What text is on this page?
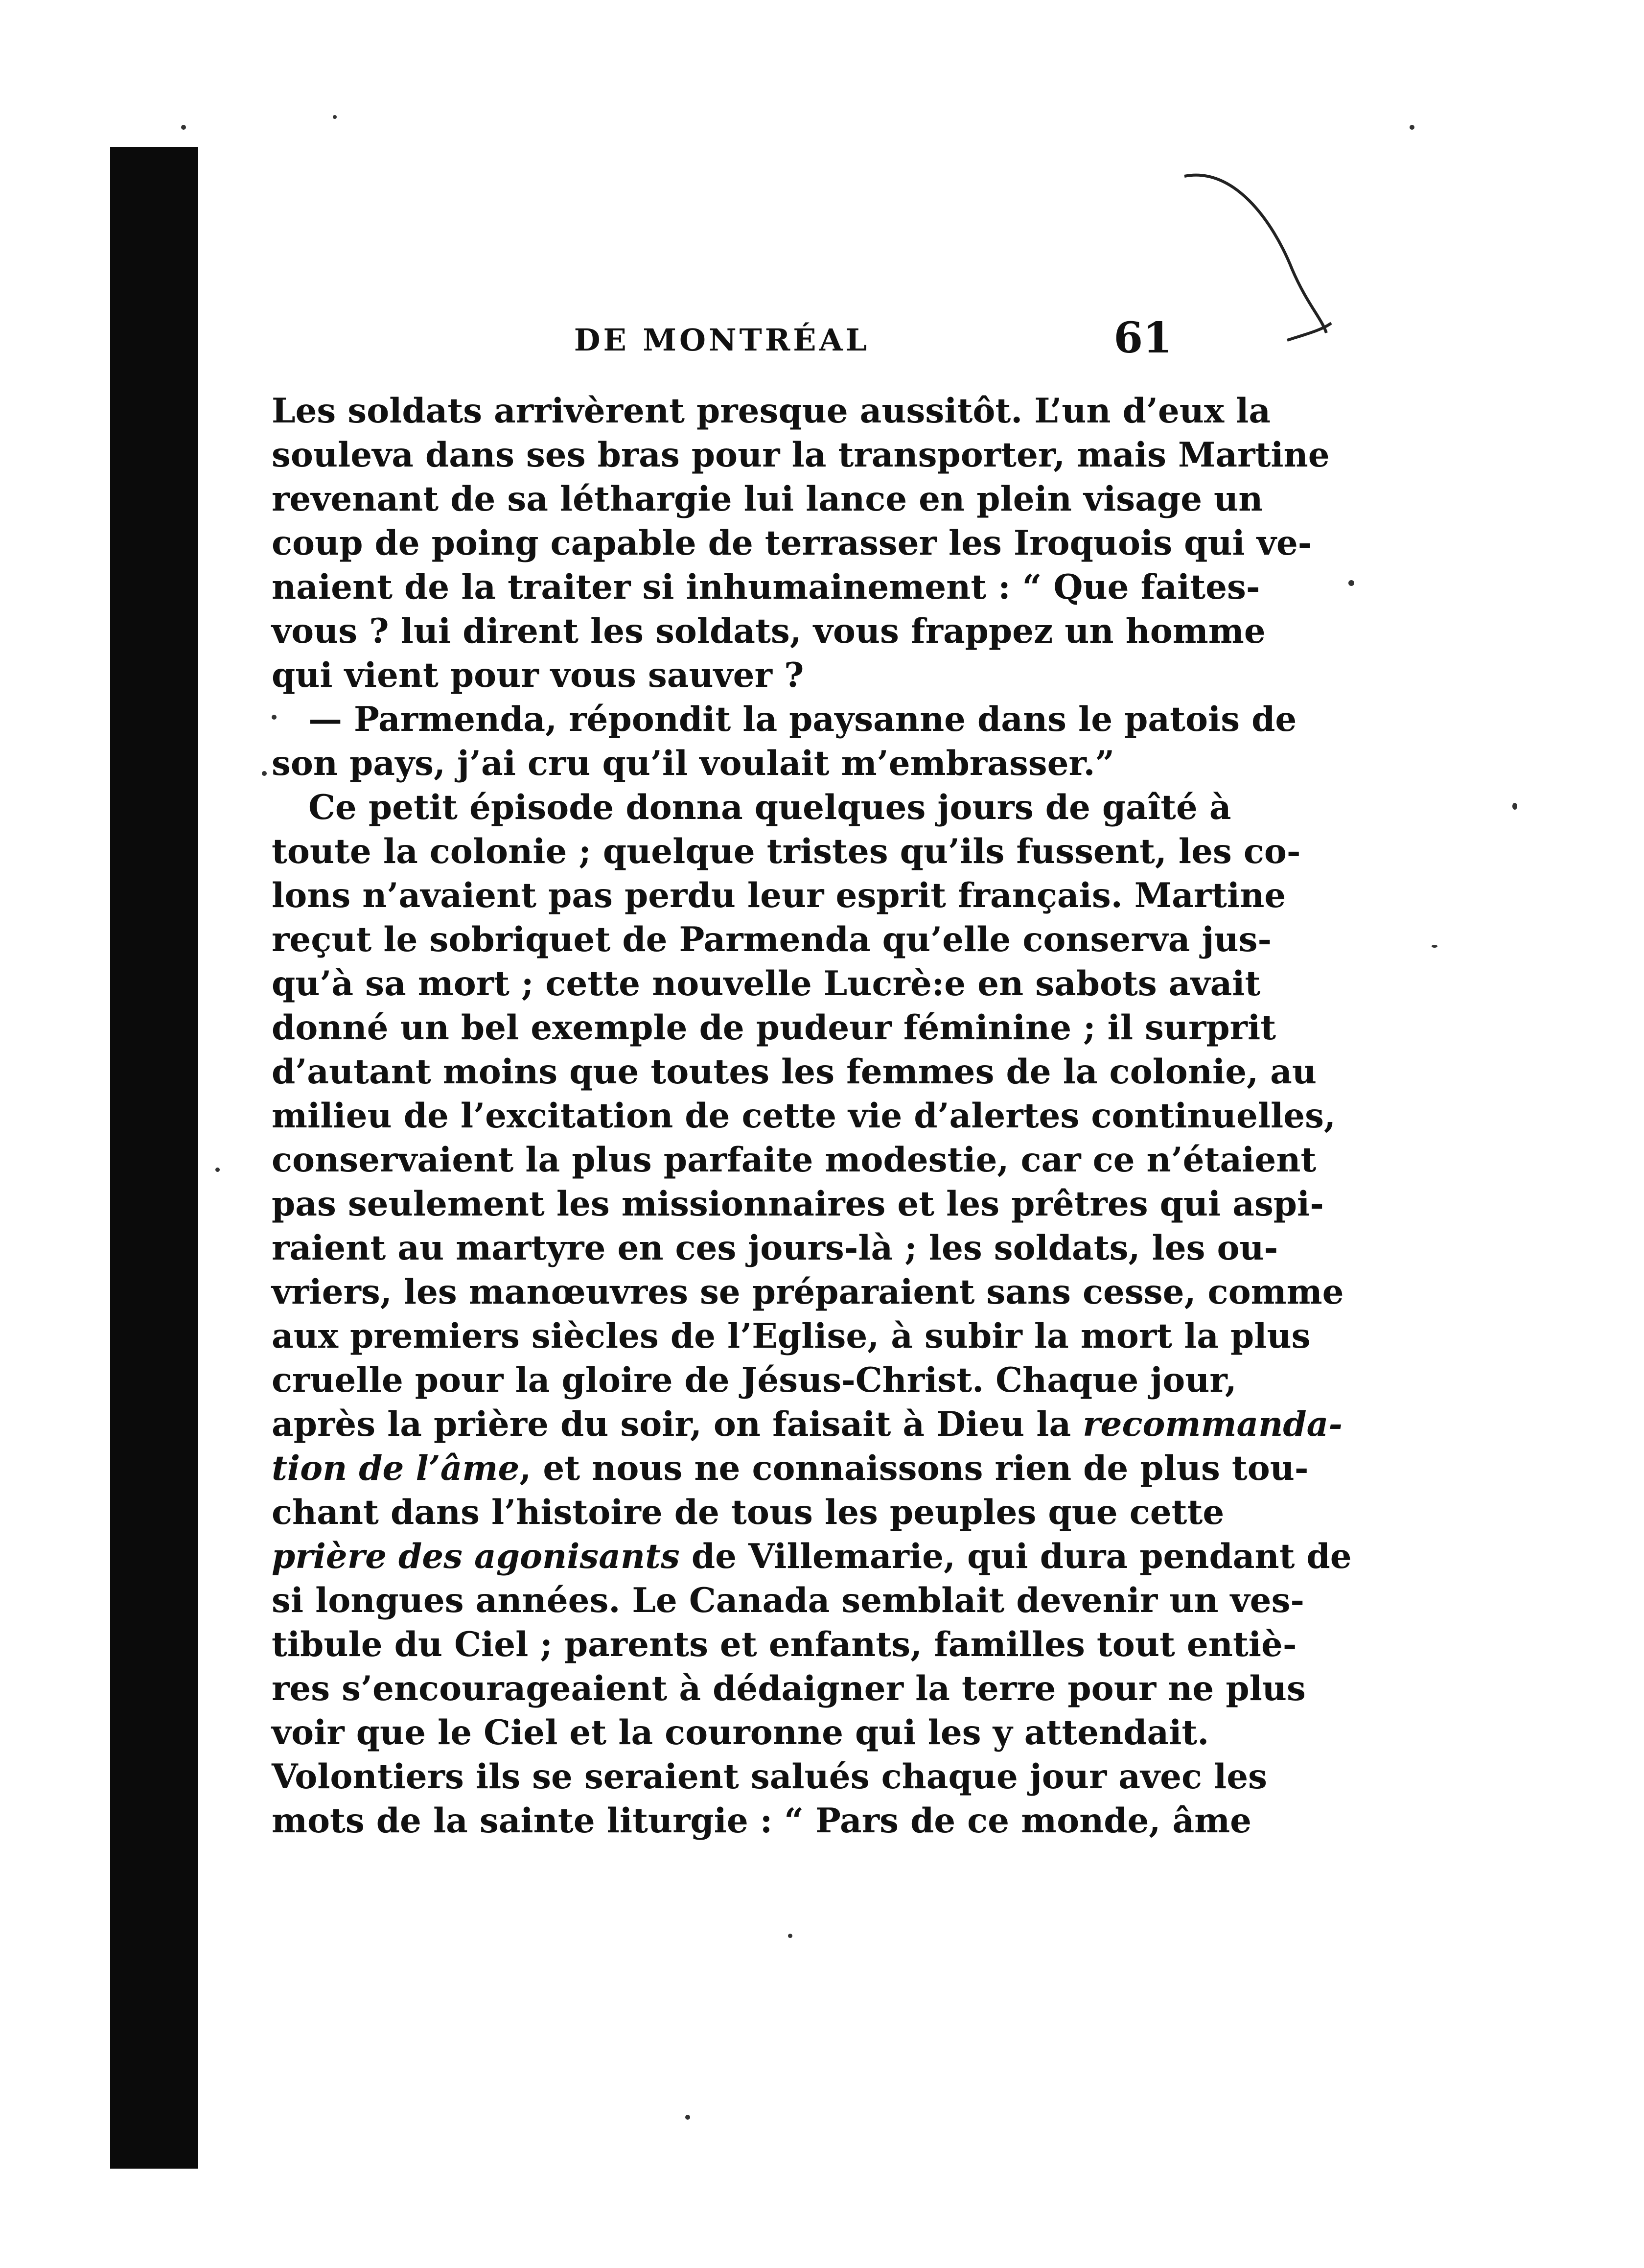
DE MONTRÉAL	61
Les soldats arrivèrent presque aussitôt. L’un d’eux la
souleva dans ses bras pour la transporter, mais Martine
revenant de sa léthargie lui lance en plein visage un
coup de poing capable de terrasser les Iroquois qui ve-
naient de la traiter si inhumainement : “ Que faites-
vous ? lui dirent les soldats, vous frappez un homme
qui vient pour vous sauver ?
— Parmenda, répondit la paysanne dans le patois de
son pays, j’ai cru qu’il voulait m’embrasser.”
Ce petit épisode donna quelques jours de gaîté à
toute la colonie ; quelque tristes qu’ils fussent, les co-
lons n’avaient pas perdu leur esprit français. Martine
reçut le sobriquet de Parmenda qu’elle conserva jus-
qu’à sa mort ; cette nouvelle Lucrè:e en sabots avait
donné un bel exemple de pudeur féminine ; il surprit
d’autant moins que toutes les femmes de la colonie, au
milieu de l’excitation de cette vie d’alertes continuelles,
conservaient la plus parfaite modestie, car ce n’étaient
pas seulement les missionnaires et les prêtres qui aspi-
raient au martyre en ces jours-là ; les soldats, les ou-
vriers, les manœuvres se préparaient sans cesse, comme
aux premiers siècles de l’Eglise, à subir la mort la plus
cruelle pour la gloire de Jésus-Christ. Chaque jour,
après la prière du soir, on faisait à Dieu la recommanda-
tion de l’âme, et nous ne connaissons rien de plus tou-
chant dans l’histoire de tous les peuples que cette
prière des agonisants de Villemarie, qui dura pendant de
si longues années. Le Canada semblait devenir un ves-
tibule du Ciel ; parents et enfants, familles tout entiè-
res s’encourageaient à dédaigner la terre pour ne plus
voir que le Ciel et la couronne qui les y attendait.
Volontiers ils se seraient salués chaque jour avec les
mots de la sainte liturgie : “ Pars de ce monde, âme
